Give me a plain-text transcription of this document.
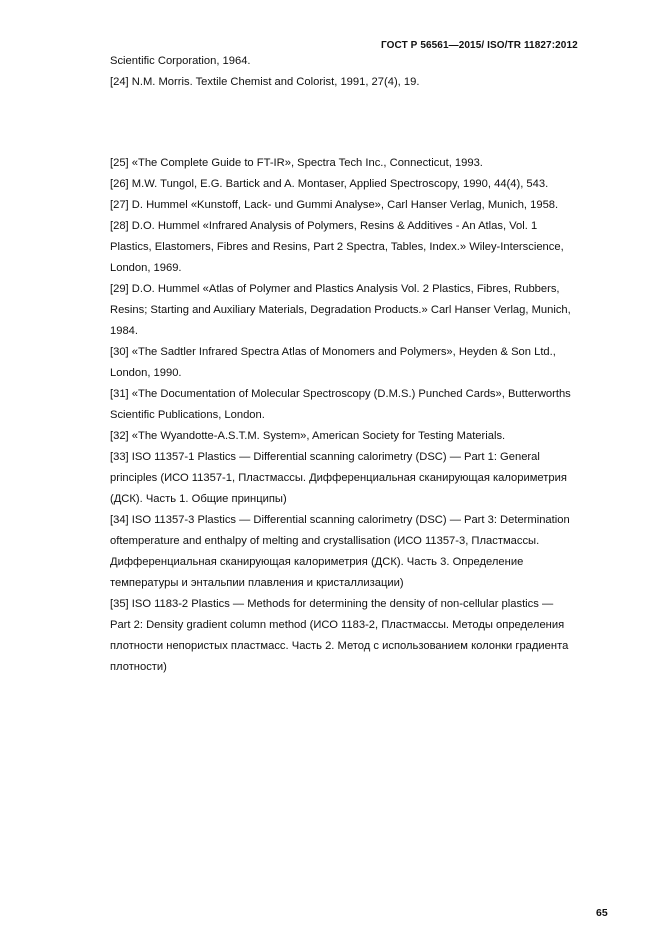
ГОСТ Р 56561—2015/ ISO/TR 11827:2012

Scientific Corporation, 1964.

[24] N.M. Morris. Textile Chemist and Colorist, 1991, 27(4), 19.

[25] «The Complete Guide to FT-IR», Spectra Tech Inc., Connecticut, 1993.

[26] M.W. Tungol, E.G. Bartick and A. Montaser, Applied Spectroscopy, 1990, 44(4), 543.

[27] D. Hummel «Kunstoff, Lack- und Gummi Analyse», Carl Hanser Verlag, Munich, 1958.

[28] D.O. Hummel «Infrared Analysis of Polymers, Resins & Additives - An Atlas, Vol. 1

Plastics, Elastomers, Fibres and Resins, Part 2 Spectra, Tables, Index.» Wiley-Interscience,

London, 1969.

[29] D.O. Hummel «Atlas of Polymer and Plastics Analysis Vol. 2 Plastics, Fibres, Rubbers,

Resins; Starting and Auxiliary Materials, Degradation Products.» Carl Hanser Verlag, Munich,

1984.

[30] «The Sadtler Infrared Spectra Atlas of Monomers and Polymers», Heyden & Son Ltd.,

London, 1990.

[31] «The Documentation of Molecular Spectroscopy (D.M.S.) Punched Cards», Butterworths

Scientific Publications, London.

[32] «The Wyandotte-A.S.T.M. System», American Society for Testing Materials.

[33] ISO 11357-1 Plastics — Differential scanning calorimetry (DSC) — Part 1: General

principles (ИСО 11357-1, Пластмассы. Дифференциальная сканирующая калориметрия

(ДСК). Часть 1. Общие принципы)

[34] ISO 11357-3 Plastics — Differential scanning calorimetry (DSC) — Part 3: Determination

oftemperature and enthalpy of melting and crystallisation (ИСО 11357-3, Пластмассы.

Дифференциальная сканирующая калориметрия (ДСК). Часть 3. Определение

температуры и энтальпии плавления и кристаллизации)

[35] ISO 1183-2 Plastics — Methods for determining the density of non-cellular plastics —

Part 2: Density gradient column method (ИСО 1183-2, Пластмассы. Методы определения

плотности непористых пластмасс. Часть 2. Метод с использованием колонки градиента

плотности)

65
